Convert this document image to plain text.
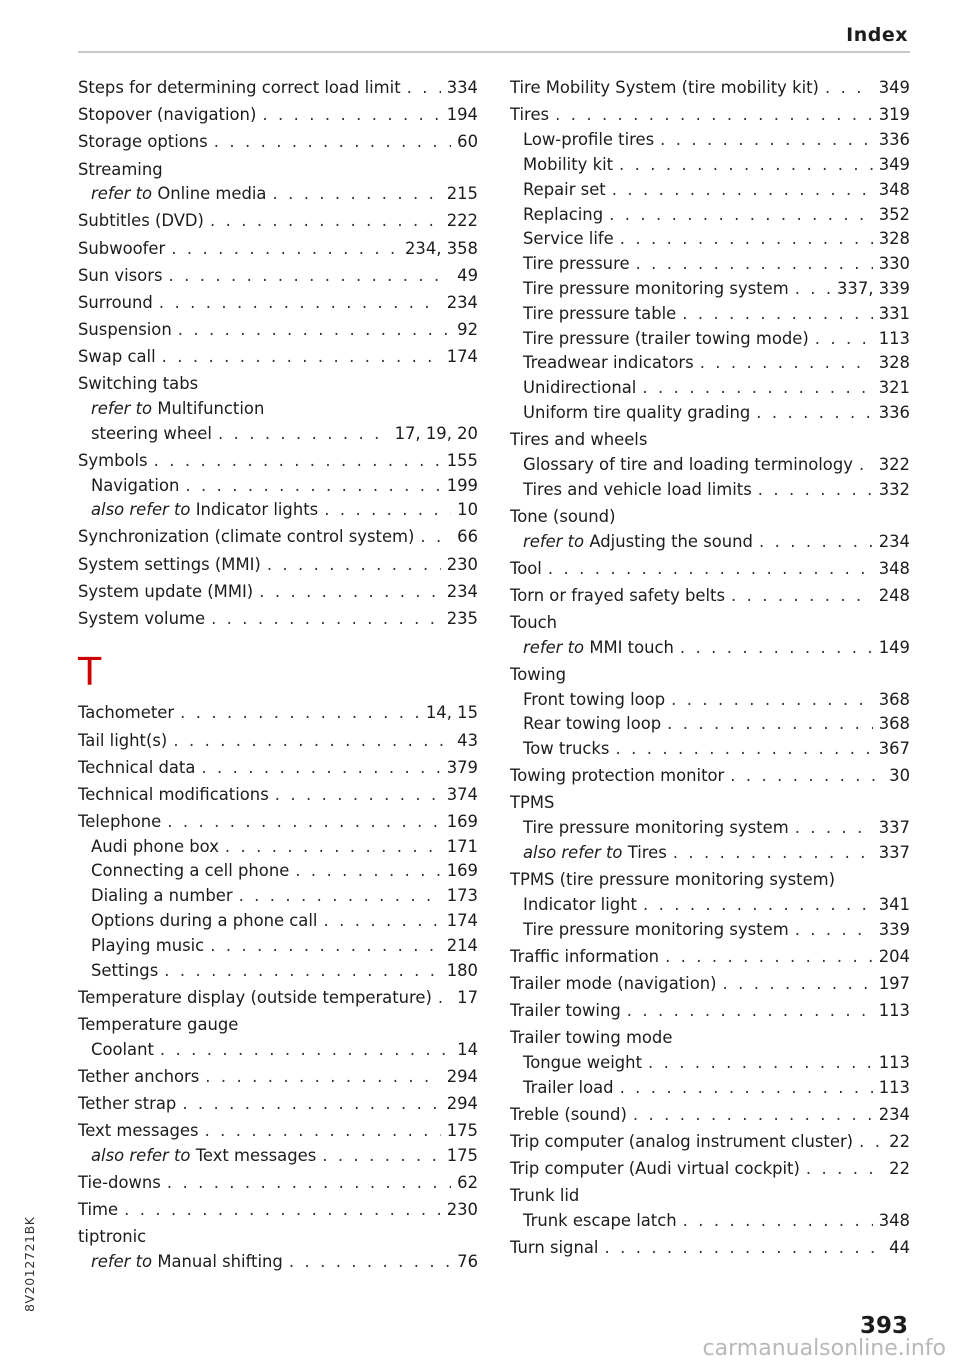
Index
Steps for determining correct load limit . . .	334
Stopover (navigation) . . .	194
Storage options . . .	60
Streaming
refer to Online media . . .	215
Subtitles (DVD) . . .	222
Subwoofer . . .	234, 358
Sun visors . . .	49
Surround . . .	234
Suspension . . .	92
Swap call . . .	174
Switching tabs
refer to Multifunction
steering wheel . . .	17, 19, 20
Symbols . . .	155
Navigation . . .	199
also refer to Indicator lights . . .	10
Synchronization (climate control system) . . .	66
System settings (MMI) . . .	230
System update (MMI) . . .	234
System volume . . .	235
T
Tachometer . . .	14, 15
Tail light(s) . . .	43
Technical data . . .	379
Technical modifications . . .	374
Telephone . . .	169
Audi phone box . . .	171
Connecting a cell phone . . .	169
Dialing a number . . .	173
Options during a phone call . . .	174
Playing music . . .	214
Settings . . .	180
Temperature display (outside temperature) . . . 17
Temperature gauge
Coolant . . .	14
Tether anchors . . .	294
Tether strap . . .	294
Text messages . . .	175
also refer to Text messages . . .	175
Tie-downs . . .	62
Time . . .	230
tiptronic
refer to Manual shifting . . .	76
Tire Mobility System (tire mobility kit) . . .	349
Tires . . .	319
Low-profile tires . . .	336
Mobility kit . . .	349
Repair set . . .	348
Replacing . . .	352
Service life . . .	328
Tire pressure . . .	330
Tire pressure monitoring system . . .	337, 339
Tire pressure table . . .	331
Tire pressure (trailer towing mode) . . .	113
Treadwear indicators . . .	328
Unidirectional . . .	321
Uniform tire quality grading . . .	336
Tires and wheels
Glossary of tire and loading terminology . . . 322
Tires and vehicle load limits . . .	332
Tone (sound)
refer to Adjusting the sound . . .	234
Tool . . .	348
Torn or frayed safety belts . . .	248
Touch
refer to MMI touch . . .	149
Towing
Front towing loop . . .	368
Rear towing loop . . .	368
Tow trucks . . .	367
Towing protection monitor . . .	30
TPMS
Tire pressure monitoring system . . .	337
also refer to Tires . . .	337
TPMS (tire pressure monitoring system)
Indicator light . . .	341
Tire pressure monitoring system . . .	339
Traffic information . . .	204
Trailer mode (navigation) . . .	197
Trailer towing . . .	113
Trailer towing mode
Tongue weight . . .	113
Trailer load . . .	113
Treble (sound) . . .	234
Trip computer (analog instrument cluster) . . . 22
Trip computer (Audi virtual cockpit) . . .	22
Trunk lid
Trunk escape latch . . .	348
Turn signal . . .	44
8V2012721BK
393
carmanualsonline.info
